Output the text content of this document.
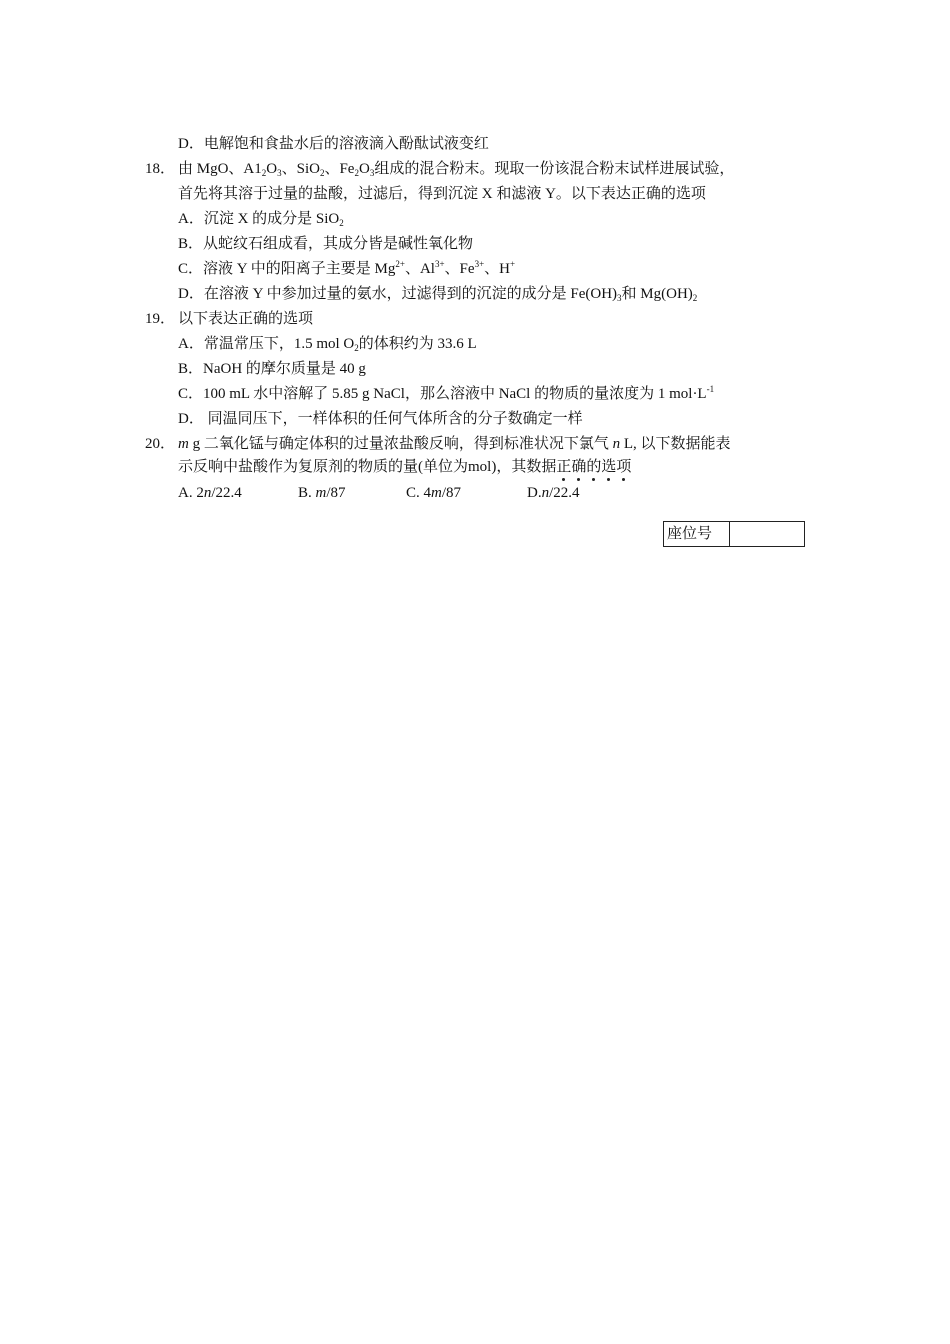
D．电解饱和食盐水后的溶液滴入酚酞试液变红
18． 由 MgO、$A1_2O_3$、SiO$_2$、$Fe_2O_3$组成的混合粉末。现取一份该混合粉末试样进展试验，
首先将其溶于过量的盐酸，过滤后，得到沉淀 X 和滤液 Y。以下表达正确的选项
A．沉淀 X 的成分是 SiO$_2$
B．从蛇纹石组成看，其成分皆是碱性氧化物
C．溶液 Y 中的阳离子主要是 $Mg^{2+}$、$Al^{3+}$、$Fe^{3+}$、H+
D．在溶液 Y 中参加过量的氨水，过滤得到的沉淀的成分是 $Fe(OH)_3$和 $Mg(OH)_2$
19． 以下表达正确的选项
A．常温常压下，1.5 mol $O_2$的体积约为 33.6 L
B．NaOH 的摩尔质量是 40 g
C．100 mL 水中溶解了 5.85 g NaCl，那么溶液中 NaCl 的物质的量浓度为 1 $mol\cdot L^{-1}$
D． 同温同压下，一样体积的任何气体所含的分子数确定一样
20． m g 二氧化锰与确定体积的过量浓盐酸反响，得到标准状况下氯气 n L, 以下数据能表
示反响中盐酸作为复原剂的物质的量(单位为mol)，其数据正确的选项
A. 2n/22.4	B. m/87	C. 4m/87	D.n/22.4
座位号
